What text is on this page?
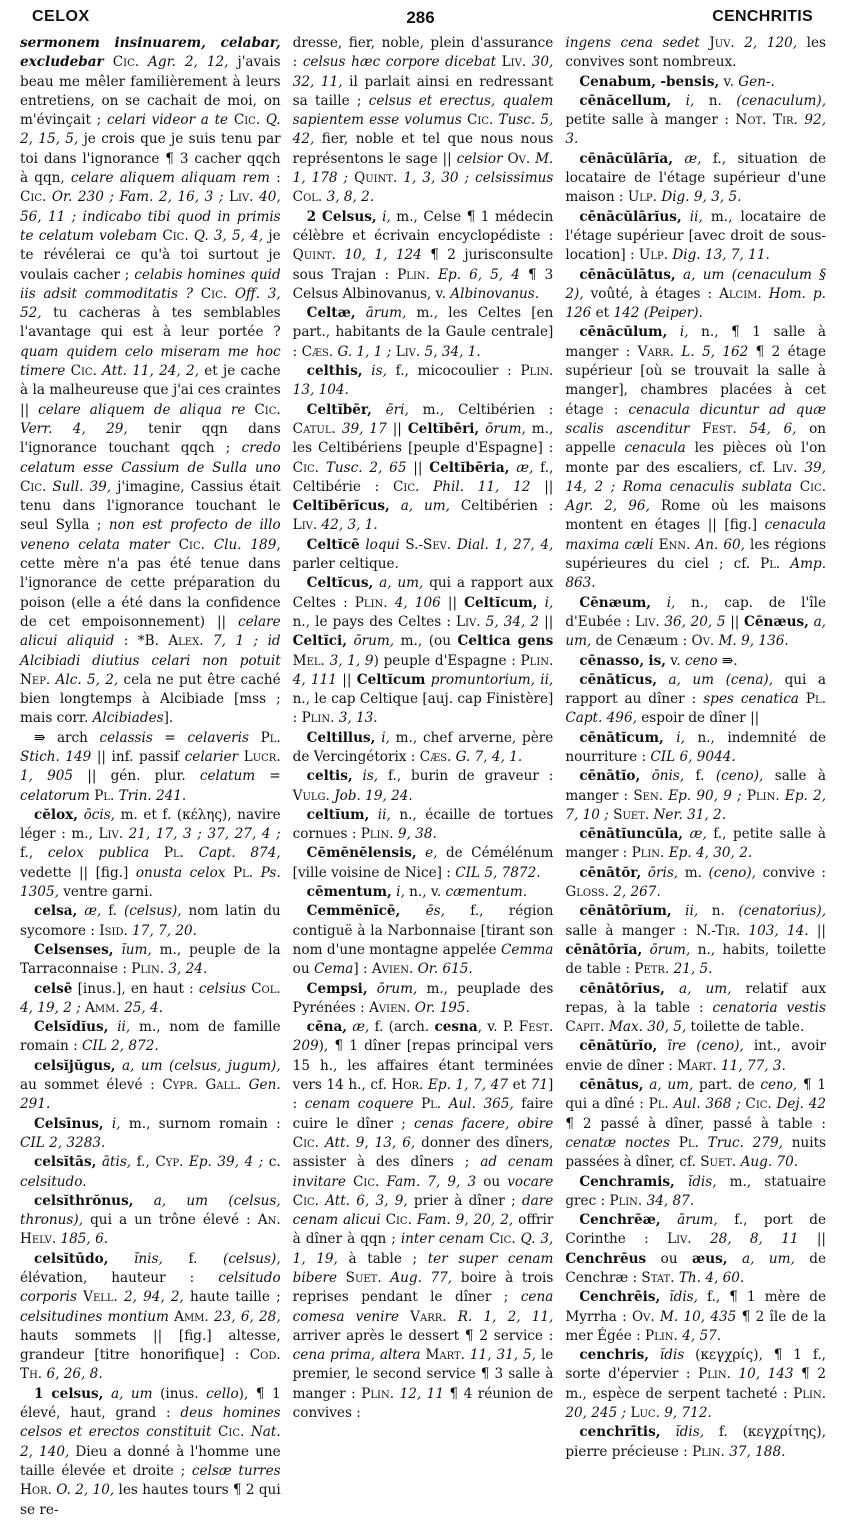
CELOX	286	CENCHRITIS

sermonem insinuarem, celabar, excludebar Cic. Agr. 2, 12, j'avais beau me mêler familièrement à leurs entretiens, on se cachait de moi, on m'évinçait ; celari videor a te Cic. Q. 2, 15, 5, je crois que je suis tenu par toi dans l'ignorance ¶ 3 cacher qqch à qqn, celare aliquem aliquam rem : Cic. Or. 230 ; Fam. 2, 16, 3 ; Liv. 40, 56, 11 ; indicabo tibi quod in primis te celatum volebam Cic. Q. 3, 5, 4, je te révélerai ce qu'à toi surtout je voulais cacher ; celabis homines quid iis adsit commoditatis ? Cic. Off. 3, 52, tu cacheras à tes semblables l'avantage qui est à leur portée ? quam quidem celo miseram me hoc timere Cic. Att. 11, 24, 2, et je cache à la malheureuse que j'ai ces craintes || celare aliquem de aliqua re Cic. Verr. 4, 29, tenir qqn dans l'ignorance touchant qqch ; credo celatum esse Cassium de Sulla uno Cic. Sull. 39, j'imagine, Cassius était tenu dans l'ignorance touchant le seul Sylla ; non est profecto de illo veneno celata mater Cic. Clu. 189, cette mère n'a pas été tenue dans l'ignorance de cette préparation du poison (elle a été dans la confidence de cet empoisonnement) || celare alicui aliquid : *B. Alex. 7, 1 ; id Alcibiadi diutius celari non potuit Nep. Alc. 5, 2, cela ne put être caché bien longtemps à Alcibiade [mss ; mais corr. Alcibiades].

⇛ arch celassis = celaveris Pl. Stich. 149 || inf. passif celarier Lucr. 1, 905 || gén. plur. celatum = celatorum Pl. Trin. 241.

cĕlox, ōcis, m. et f. (κέλης), navire léger : m., Liv. 21, 17, 3 ; 37, 27, 4 ; f., celox publica Pl. Capt. 874, vedette || [fig.] onusta celox Pl. Ps. 1305, ventre garni.

celsa, æ, f. (celsus), nom latin du sycomore : Isid. 17, 7, 20.

Celsenses, ĭum, m., peuple de la Tarraconnaise : Plin. 3, 24.

celsē [inus.], en haut : celsius Col. 4, 19, 2 ; Amm. 25, 4.

Celsĭdĭus, ii, m., nom de famille romain : CIL 2, 872.

celsĭjŭgus, a, um (celsus, jugum), au sommet élevé : Cypr. Gall. Gen. 291.

Celsīnus, i, m., surnom romain : CIL 2, 3283.

celsĭtās, ātis, f., Cyp. Ep. 39, 4 ; c. celsitudo.

celsĭthrŏnus, a, um (celsus, thronus), qui a un trône élevé : An. Helv. 185, 6.

celsĭtūdo, ĭnis, f. (celsus), élévation, hauteur : celsitudo corporis Vell. 2, 94, 2, haute taille ; celsitudines montium Amm. 23, 6, 28, hauts sommets || [fig.] altesse, grandeur [titre honorifique] : Cod. Th. 6, 26, 8.

1 celsus, a, um (inus. cello), ¶ 1 élevé, haut, grand : deus homines celsos et erectos constituit Cic. Nat. 2, 140, Dieu a donné à l'homme une taille élevée et droite ; celsæ turres Hor. O. 2, 10, les hautes tours ¶ 2 qui se re-

dresse, fier, noble, plein d'assurance : celsus hæc corpore dicebat Liv. 30, 32, 11, il parlait ainsi en redressant sa taille ; celsus et erectus, qualem sapientem esse volumus Cic. Tusc. 5, 42, fier, noble et tel que nous nous représentons le sage || celsior Ov. M. 1, 178 ; Quint. 1, 3, 30 ; celsissimus Col. 3, 8, 2.

2 Celsus, i, m., Celse ¶ 1 médecin célèbre et écrivain encyclopédiste : Quint. 10, 1, 124 ¶ 2 jurisconsulte sous Trajan : Plin. Ep. 6, 5, 4 ¶ 3 Celsus Albinovanus, v. Albinovanus.

Celtæ, ārum, m., les Celtes [en part., habitants de la Gaule centrale] : Cæs. G. 1, 1 ; Liv. 5, 34, 1.

celthis, is, f., micocoulier : Plin. 13, 104.

Celtĭbēr, ēri, m., Celtibérien : Catul. 39, 17 || Celtĭbēri, ōrum, m., les Celtibériens [peuple d'Espagne] : Cic. Tusc. 2, 65 || Celtĭbēria, æ, f., Celtibérie : Cic. Phil. 11, 12 || Celtĭbērĭcus, a, um, Celtibérien : Liv. 42, 3, 1.

Celtĭcē loqui S.-Sev. Dial. 1, 27, 4, parler celtique.

Celtĭcus, a, um, qui a rapport aux Celtes : Plin. 4, 106 || Celtĭcum, i, n., le pays des Celtes : Liv. 5, 34, 2 || Celtĭci, ōrum, m., (ou Celtica gens Mel. 3, 1, 9) peuple d'Espagne : Plin. 4, 111 || Celtĭcum promuntorium, ii, n., le cap Celtique [auj. cap Finistère] : Plin. 3, 13.

Celtillus, i, m., chef arverne, père de Vercingétorix : Cæs. G. 7, 4, 1.

celtis, is, f., burin de graveur : Vulg. Job. 19, 24.

celtĭum, ii, n., écaille de tortues cornues : Plin. 9, 38.

Cĕmĕnĕlensis, e, de Cémélénum [ville voisine de Nice] : CIL 5, 7872.

cēmentum, i, n., v. cæmentum.

Cemmĕnĭcē, ēs, f., région contiguë à la Narbonnaise [tirant son nom d'une montagne appelée Cemma ou Cema] : Avien. Or. 615.

Cempsi, ōrum, m., peuplade des Pyrénées : Avien. Or. 195.

cēna, æ, f. (arch. cesna, v. P. Fest. 209), ¶ 1 dîner [repas principal vers 15 h., les affaires étant terminées vers 14 h., cf. Hor. Ep. 1, 7, 47 et 71] : cenam coquere Pl. Aul. 365, faire cuire le dîner ; cenas facere, obire Cic. Att. 9, 13, 6, donner des dîners, assister à des dîners ; ad cenam invitare Cic. Fam. 7, 9, 3 ou vocare Cic. Att. 6, 3, 9, prier à dîner ; dare cenam alicui Cic. Fam. 9, 20, 2, offrir à dîner à qqn ; inter cenam Cic. Q. 3, 1, 19, à table ; ter super cenam bibere Suet. Aug. 77, boire à trois reprises pendant le dîner ; cena comesa venire Varr. R. 1, 2, 11, arriver après le dessert ¶ 2 service : cena prima, altera Mart. 11, 31, 5, le premier, le second service ¶ 3 salle à manger : Plin. 12, 11 ¶ 4 réunion de convives :

ingens cena sedet Juv. 2, 120, les convives sont nombreux.

Cenabum, -bensis, v. Gen-.

cēnăcellum, i, n. (cenaculum), petite salle à manger : Not. Tir. 92, 3.

cēnācŭlārĭa, æ, f., situation de locataire de l'étage supérieur d'une maison : Ulp. Dig. 9, 3, 5.

cēnācŭlārĭus, ii, m., locataire de l'étage supérieur [avec droit de sous-location] : Ulp. Dig. 13, 7, 11.

cēnācŭlātus, a, um (cenaculum § 2), voûté, à étages : Alcim. Hom. p. 126 et 142 (Peiper).

cēnācŭlum, i, n., ¶ 1 salle à manger : Varr. L. 5, 162 ¶ 2 étage supérieur [où se trouvait la salle à manger], chambres placées à cet étage : cenacula dicuntur ad quæ scalis ascenditur Fest. 54, 6, on appelle cenacula les pièces où l'on monte par des escaliers, cf. Liv. 39, 14, 2 ; Roma cenaculis sublata Cic. Agr. 2, 96, Rome où les maisons montent en étages || [fig.] cenacula maxima cæli Enn. An. 60, les régions supérieures du ciel ; cf. Pl. Amp. 863.

Cēnæum, i, n., cap. de l'île d'Eubée : Liv. 36, 20, 5 || Cēnæus, a, um, de Cenæum : Ov. M. 9, 136.

cēnasso, is, v. ceno ⇛.

cēnātĭcus, a, um (cena), qui a rapport au dîner : spes cenatica Pl. Capt. 496, espoir de dîner ||

cēnātĭcum, i, n., indemnité de nourriture : CIL 6, 9044.

cēnātĭo, ōnis, f. (ceno), salle à manger : Sen. Ep. 90, 9 ; Plin. Ep. 2, 7, 10 ; Suet. Ner. 31, 2.

cēnātĭuncŭla, æ, f., petite salle à manger : Plin. Ep. 4, 30, 2.

cēnātŏr, ōris, m. (ceno), convive : Gloss. 2, 267.

cēnātōrĭum, ii, n. (cenatorius), salle à manger : N.-Tir. 103, 14. || cēnātōrĭa, ōrum, n., habits, toilette de table : Petr. 21, 5.

cēnātōrĭus, a, um, relatif aux repas, à la table : cenatoria vestis Capit. Max. 30, 5, toilette de table.

cēnātŭrĭo, īre (ceno), int., avoir envie de dîner : Mart. 11, 77, 3.

cēnātus, a, um, part. de ceno, ¶ 1 qui a dîné : Pl. Aul. 368 ; Cic. Dej. 42 ¶ 2 passé à dîner, passé à table : cenatæ noctes Pl. Truc. 279, nuits passées à dîner, cf. Suet. Aug. 70.

Cenchramis, ĭdis, m., statuaire grec : Plin. 34, 87.

Cenchrēæ, ārum, f., port de Corinthe : Liv. 28, 8, 11 || Cenchrēus ou æus, a, um, de Cenchræ : Stat. Th. 4, 60.

Cenchrēis, ĭdis, f., ¶ 1 mère de Myrrha : Ov. M. 10, 435 ¶ 2 île de la mer Égée : Plin. 4, 57.

cenchris, ĭdis (κεγχρίς), ¶ 1 f., sorte d'épervier : Plin. 10, 143 ¶ 2 m., espèce de serpent tacheté : Plin. 20, 245 ; Luc. 9, 712.

cenchrītis, ĭdis, f. (κεγχρίτης), pierre précieuse : Plin. 37, 188.
